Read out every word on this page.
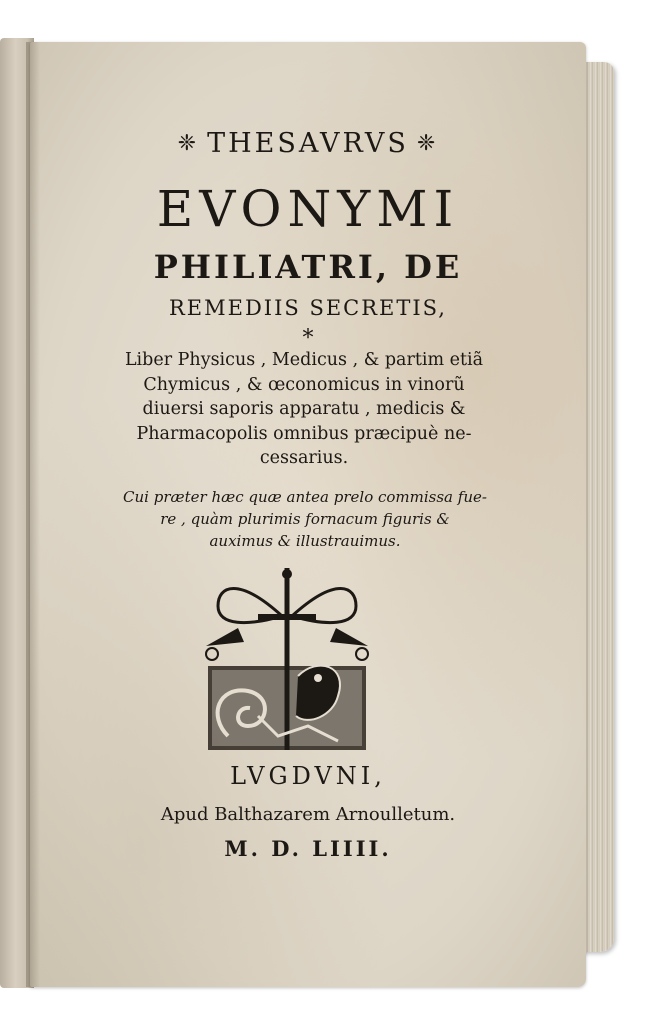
❈ THESAVRVS ❈
EVONYMI
PHILIATRI, DE
REMEDIIS SECRETIS,
*
Liber Physicus , Medicus , & partim etiã
Chymicus , & œconomicus in vinorũ
diuersi saporis apparatu , medicis &
Pharmacopolis omnibus præcipuè ne-
cessarius.
Cui præter hæc quæ antea prelo commissa fue-
re , quàm plurimis fornacum figuris &
auximus & illustrauimus.
LVGDVNI,
Apud Balthazarem Arnoulletum.
M. D. LIIII.
